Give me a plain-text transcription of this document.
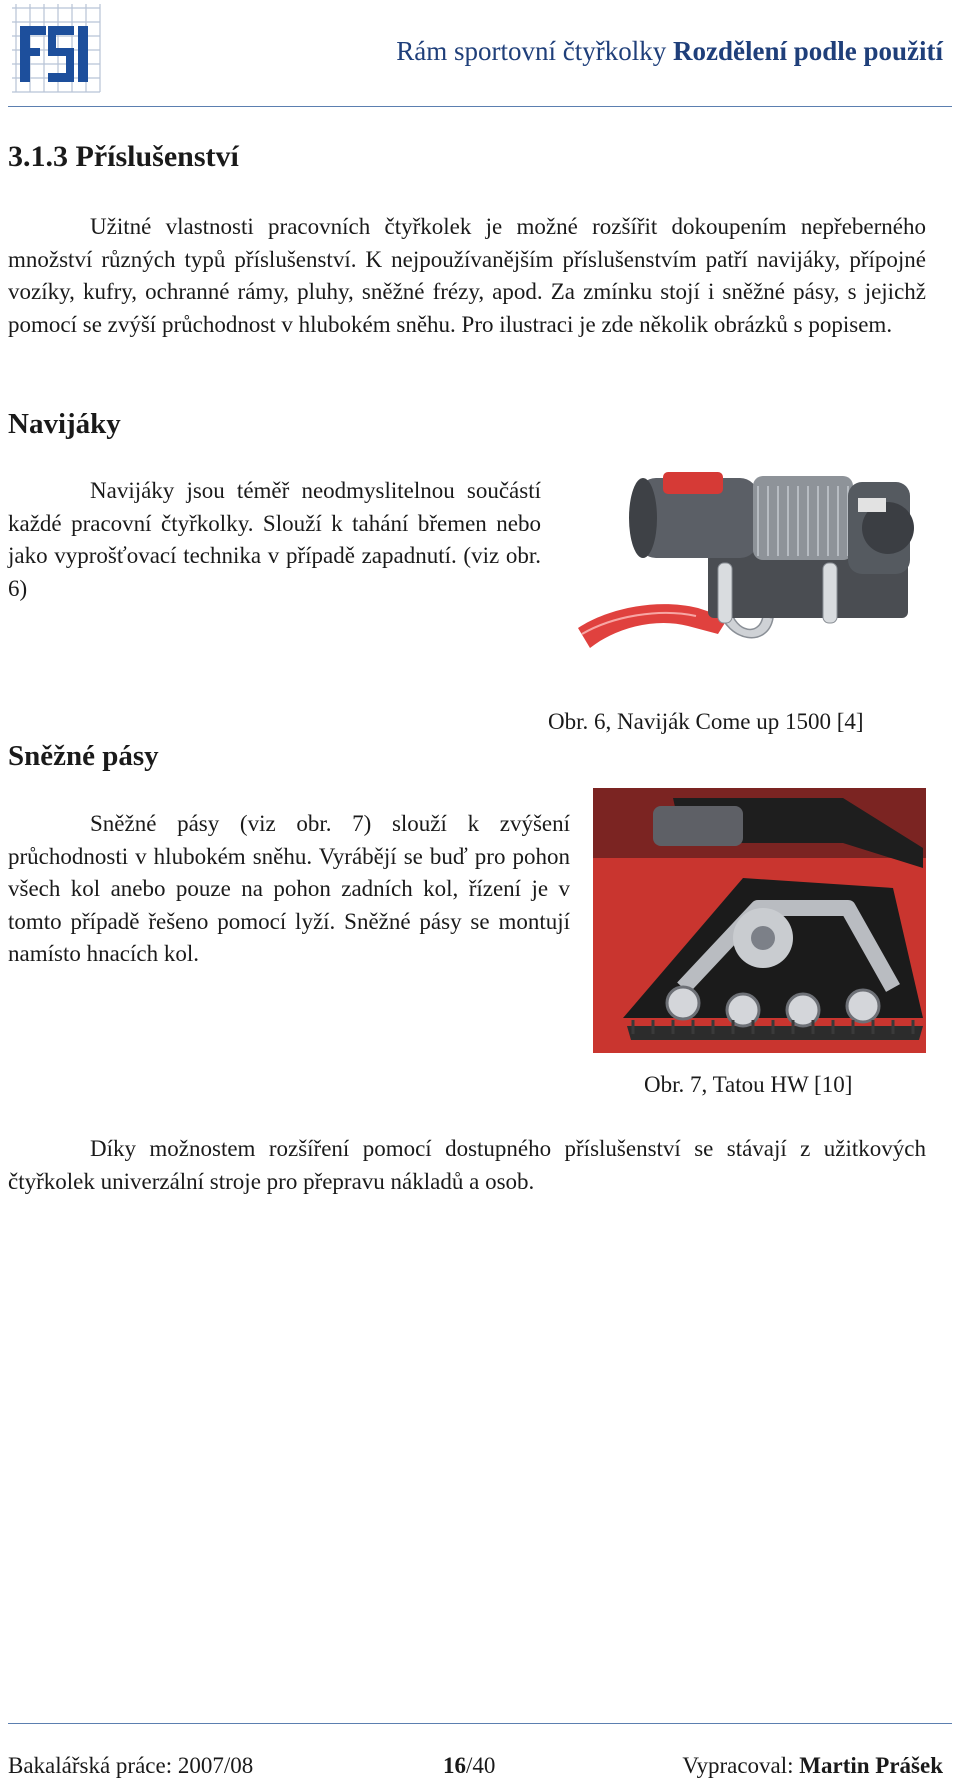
Rám sportovní čtyřkolky Rozdělení podle použití
3.1.3 Příslušenství
Užitné vlastnosti pracovních čtyřkolek je možné rozšířit dokoupením nepřeberného množství různých typů příslušenství. K nejpoužívanějším příslušenstvím patří navijáky, přípojné vozíky, kufry, ochranné rámy, pluhy, sněžné frézy, apod. Za zmínku stojí i sněžné pásy, s jejichž pomocí se zvýší průchodnost v hlubokém sněhu. Pro ilustraci je zde několik obrázků s popisem.
Navijáky
Navijáky jsou téměř neodmyslitelnou součástí každé pracovní čtyřkolky. Slouží k tahání břemen nebo jako vyprošťovací technika v případě zapadnutí. (viz obr. 6)
Obr. 6, Naviják Come up 1500 [4]
Sněžné pásy
Sněžné pásy (viz obr. 7) slouží k zvýšení průchodnosti v hlubokém sněhu. Vyrábějí se buď pro pohon všech kol anebo pouze na pohon zadních kol, řízení je v tomto případě řešeno pomocí lyží. Sněžné pásy se montují namísto hnacích kol.
Obr. 7, Tatou HW [10]
Díky možnostem rozšíření pomocí dostupného příslušenství se stávají z užitkových čtyřkolek univerzální stroje pro přepravu nákladů a osob.
Bakalářská práce: 2007/08	16/40	Vypracoval: Martin Prášek
